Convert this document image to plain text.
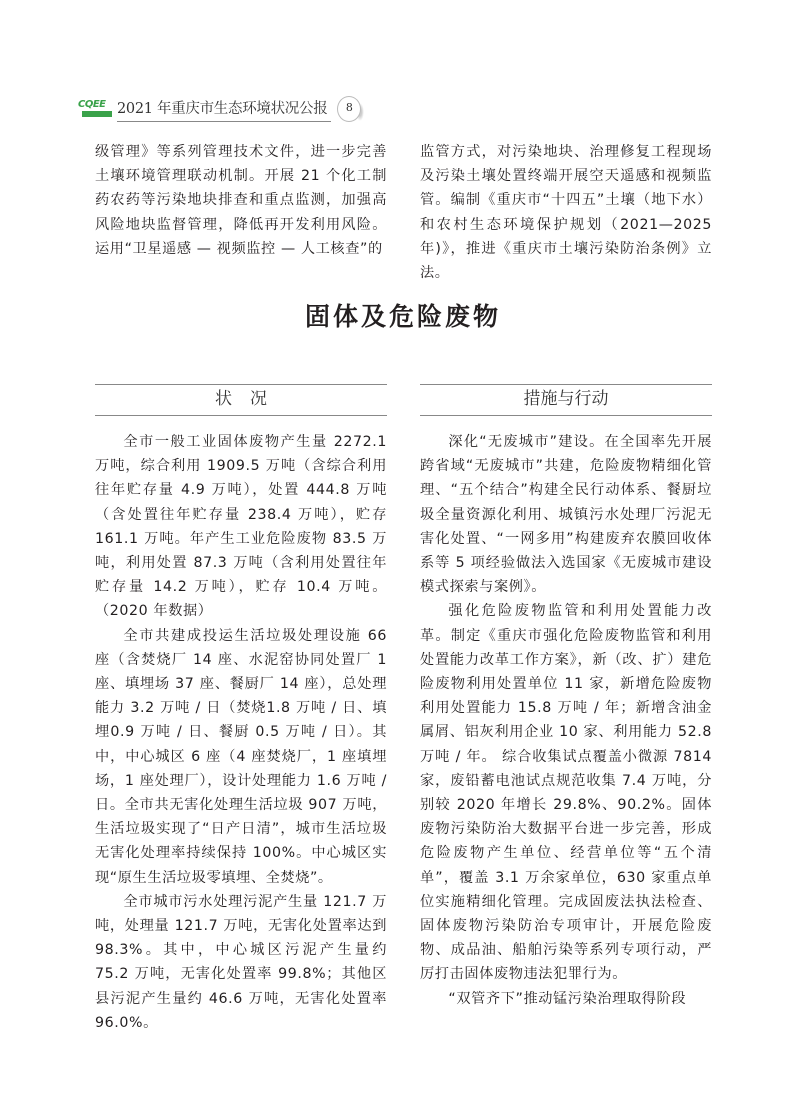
CQEE 2021 年重庆市生态环境状况公报	8

级管理》等系列管理技术文件，进一步完善土壤环境管理联动机制。开展 21 个化工制药农药等污染地块排查和重点监测，加强高风险地块监督管理，降低再开发利用风险。运用“卫星遥感 — 视频监控 — 人工核查”的

监管方式，对污染地块、治理修复工程现场及污染土壤处置终端开展空天遥感和视频监管。编制《重庆市“十四五”土壤（地下水）和农村生态环境保护规划（2021—2025 年)》，推进《重庆市土壤污染防治条例》立法。

固体及危险废物
状况	措施与行动

全市一般工业固体废物产生量 2272.1 万吨，综合利用 1909.5 万吨（含综合利用往年贮存量 4.9 万吨），处置 444.8 万吨（含处置往年贮存量 238.4 万吨），贮存 161.1 万吨。年产生工业危险废物 83.5 万吨，利用处置 87.3 万吨（含利用处置往年贮存量 14.2 万吨），贮存 10.4 万吨。（2020 年数据）

全市共建成投运生活垃圾处理设施 66 座（含焚烧厂 14 座、水泥窑协同处置厂 1 座、填埋场 37 座、餐厨厂 14 座），总处理能力 3.2 万吨 / 日（焚烧1.8 万吨 / 日、填埋0.9 万吨 / 日、餐厨 0.5 万吨 / 日）。其中，中心城区 6 座（4 座焚烧厂，1 座填埋场，1 座处理厂），设计处理能力 1.6 万吨 / 日。全市共无害化处理生活垃圾 907 万吨，生活垃圾实现了“日产日清”，城市生活垃圾无害化处理率持续保持 100%。中心城区实现“原生生活垃圾零填埋、全焚烧”。

全市城市污水处理污泥产生量 121.7 万吨，处理量 121.7 万吨，无害化处置率达到 98.3%。其中，中心城区污泥产生量约 75.2 万吨，无害化处置率 99.8%；其他区县污泥产生量约 46.6 万吨，无害化处置率 96.0%。

深化“无废城市”建设。在全国率先开展跨省域“无废城市”共建，危险废物精细化管理、“五个结合”构建全民行动体系、餐厨垃圾全量资源化利用、城镇污水处理厂污泥无害化处置、“一网多用”构建废弃农膜回收体系等 5 项经验做法入选国家《无废城市建设模式探索与案例》。

强化危险废物监管和利用处置能力改革。制定《重庆市强化危险废物监管和利用处置能力改革工作方案》，新（改、扩）建危险废物利用处置单位 11 家，新增危险废物利用处置能力 15.8 万吨 / 年；新增含油金属屑、铝灰利用企业 10 家、利用能力 52.8 万吨 / 年。 综合收集试点覆盖小微源 7814 家，废铅蓄电池试点规范收集 7.4 万吨，分别较 2020 年增长 29.8%、90.2%。固体废物污染防治大数据平台进一步完善，形成危险废物产生单位、经营单位等“五个清单”，覆盖 3.1 万余家单位，630 家重点单位实施精细化管理。完成固废法执法检查、固体废物污染防治专项审计，开展危险废物、成品油、船舶污染等系列专项行动，严厉打击固体废物违法犯罪行为。

“双管齐下”推动锰污染治理取得阶段
